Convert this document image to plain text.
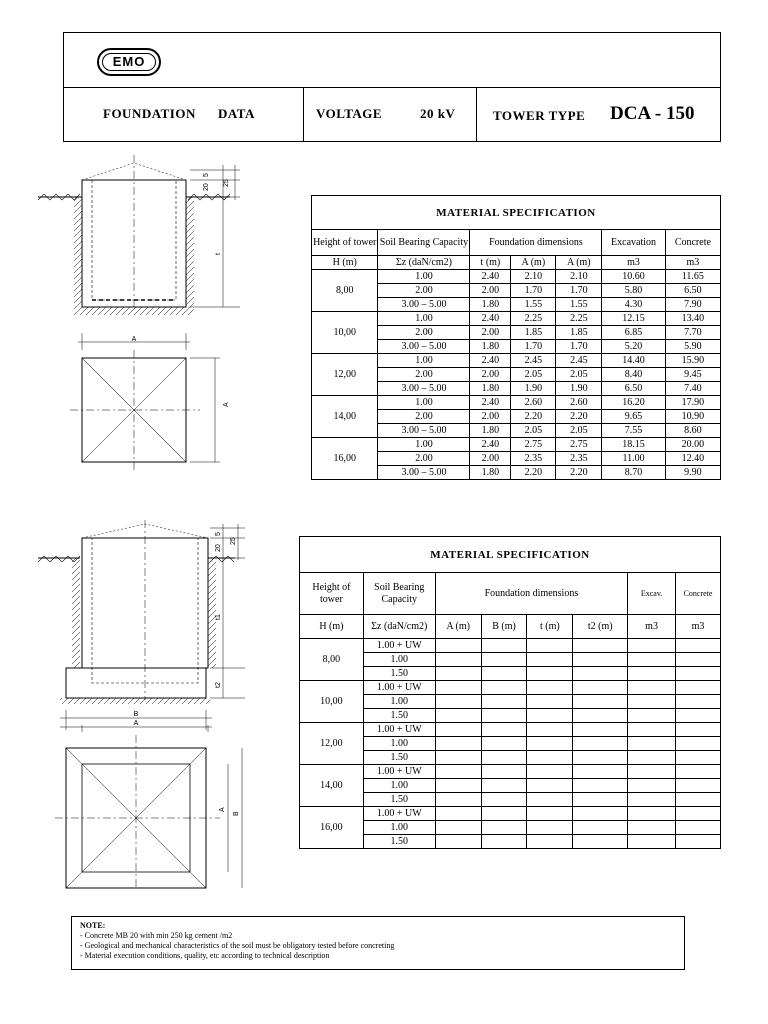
EMO
FOUNDATION DATA	VOLTAGE	20 kV	TOWER TYPE DCA - 150
20
5
25
t
A
A
MATERIAL SPECIFICATION						
Height of tower	Soil Bearing Capacity	Foundation dimensions			Excavation	Concrete
H (m)	Σz (daN/cm2)	t (m)	A (m)	A (m)	m3	m3
8,00	1.00	2.40	2.10	2.10	10.60	11.65
	2.00	2.00	1.70	1.70	5.80	6.50
	3.00 – 5.00	1.80	1.55	1.55	4.30	7.90
10,00	1.00	2.40	2.25	2.25	12.15	13.40
	2.00	2.00	1.85	1.85	6.85	7.70
	3.00 – 5.00	1.80	1.70	1.70	5.20	5.90
12,00	1.00	2.40	2.45	2.45	14.40	15.90
	2.00	2.00	2.05	2.05	8.40	9.45
	3.00 – 5.00	1.80	1.90	1.90	6.50	7.40
14,00	1.00	2.40	2.60	2.60	16.20	17.90
	2.00	2.00	2.20	2.20	9.65	10.90
	3.00 – 5.00	1.80	2.05	2.05	7.55	8.60
16,00	1.00	2.40	2.75	2.75	18.15	20.00
	2.00	2.00	2.35	2.35	11.00	12.40
	3.00 – 5.00	1.80	2.20	2.20	8.70	9.90
20
5
25
t1
t2
B
A
A
B
MATERIAL SPECIFICATION							
Height of tower	Soil Bearing Capacity	Foundation dimensions				Excav.	Concrete
H (m)	Σz (daN/cm2)	A (m)	B (m)	t (m)	t2 (m)	m3	m3
8,00	1.00 + UW						
	1.00						
	1.50						
10,00	1.00 + UW						
	1.00						
	1.50						
12,00	1.00 + UW						
	1.00						
	1.50						
14,00	1.00 + UW						
	1.00						
	1.50						
16,00	1.00 + UW						
	1.00						
	1.50						
NOTE:
- Concrete MB 20 with min 250 kg cement /m2
- Geological and mechanical characteristics of the soil must be obligatory tested before concreting
- Material execution conditions, quality, etc according to technical description
